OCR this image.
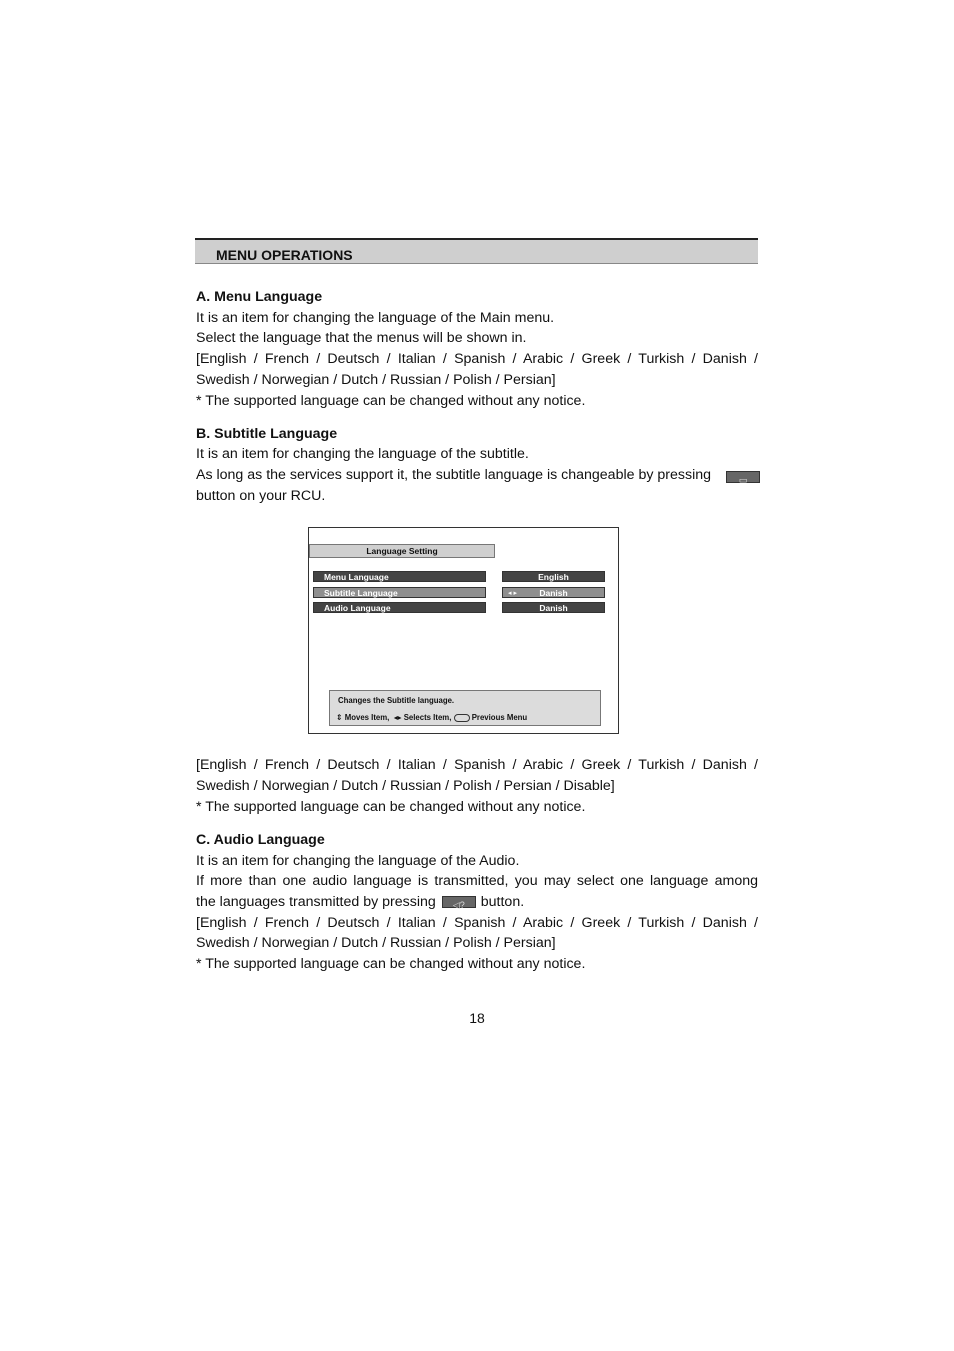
MENU OPERATIONS
A. Menu Language
It is an item for changing the language of the Main menu.
Select the language that the menus will be shown in.
[English / French / Deutsch / Italian / Spanish / Arabic / Greek / Turkish / Danish /
Swedish / Norwegian / Dutch / Russian / Polish / Persian]
* The supported language can be changed without any notice.
B. Subtitle Language
It is an item for changing the language of the subtitle.
As long as the services support it, the subtitle language is changeable by pressing	▭
button on your RCU.
Language Setting
Menu Language	English
Subtitle Language	◂ ▸	Danish
Audio Language	Danish
Changes the Subtitle language.
⇕ Moves Item, ◂▸ Selects Item,	Previous Menu
[English / French / Deutsch / Italian / Spanish / Arabic / Greek / Turkish / Danish /
Swedish / Norwegian / Dutch / Russian / Polish / Persian / Disable]
* The supported language can be changed without any notice.
C. Audio Language
It is an item for changing the language of the Audio.
If more than one audio language is transmitted, you may select one language among
the languages transmitted by pressing	◁?	button.
[English / French / Deutsch / Italian / Spanish / Arabic / Greek / Turkish / Danish /
Swedish / Norwegian / Dutch / Russian / Polish / Persian]
* The supported language can be changed without any notice.
18
